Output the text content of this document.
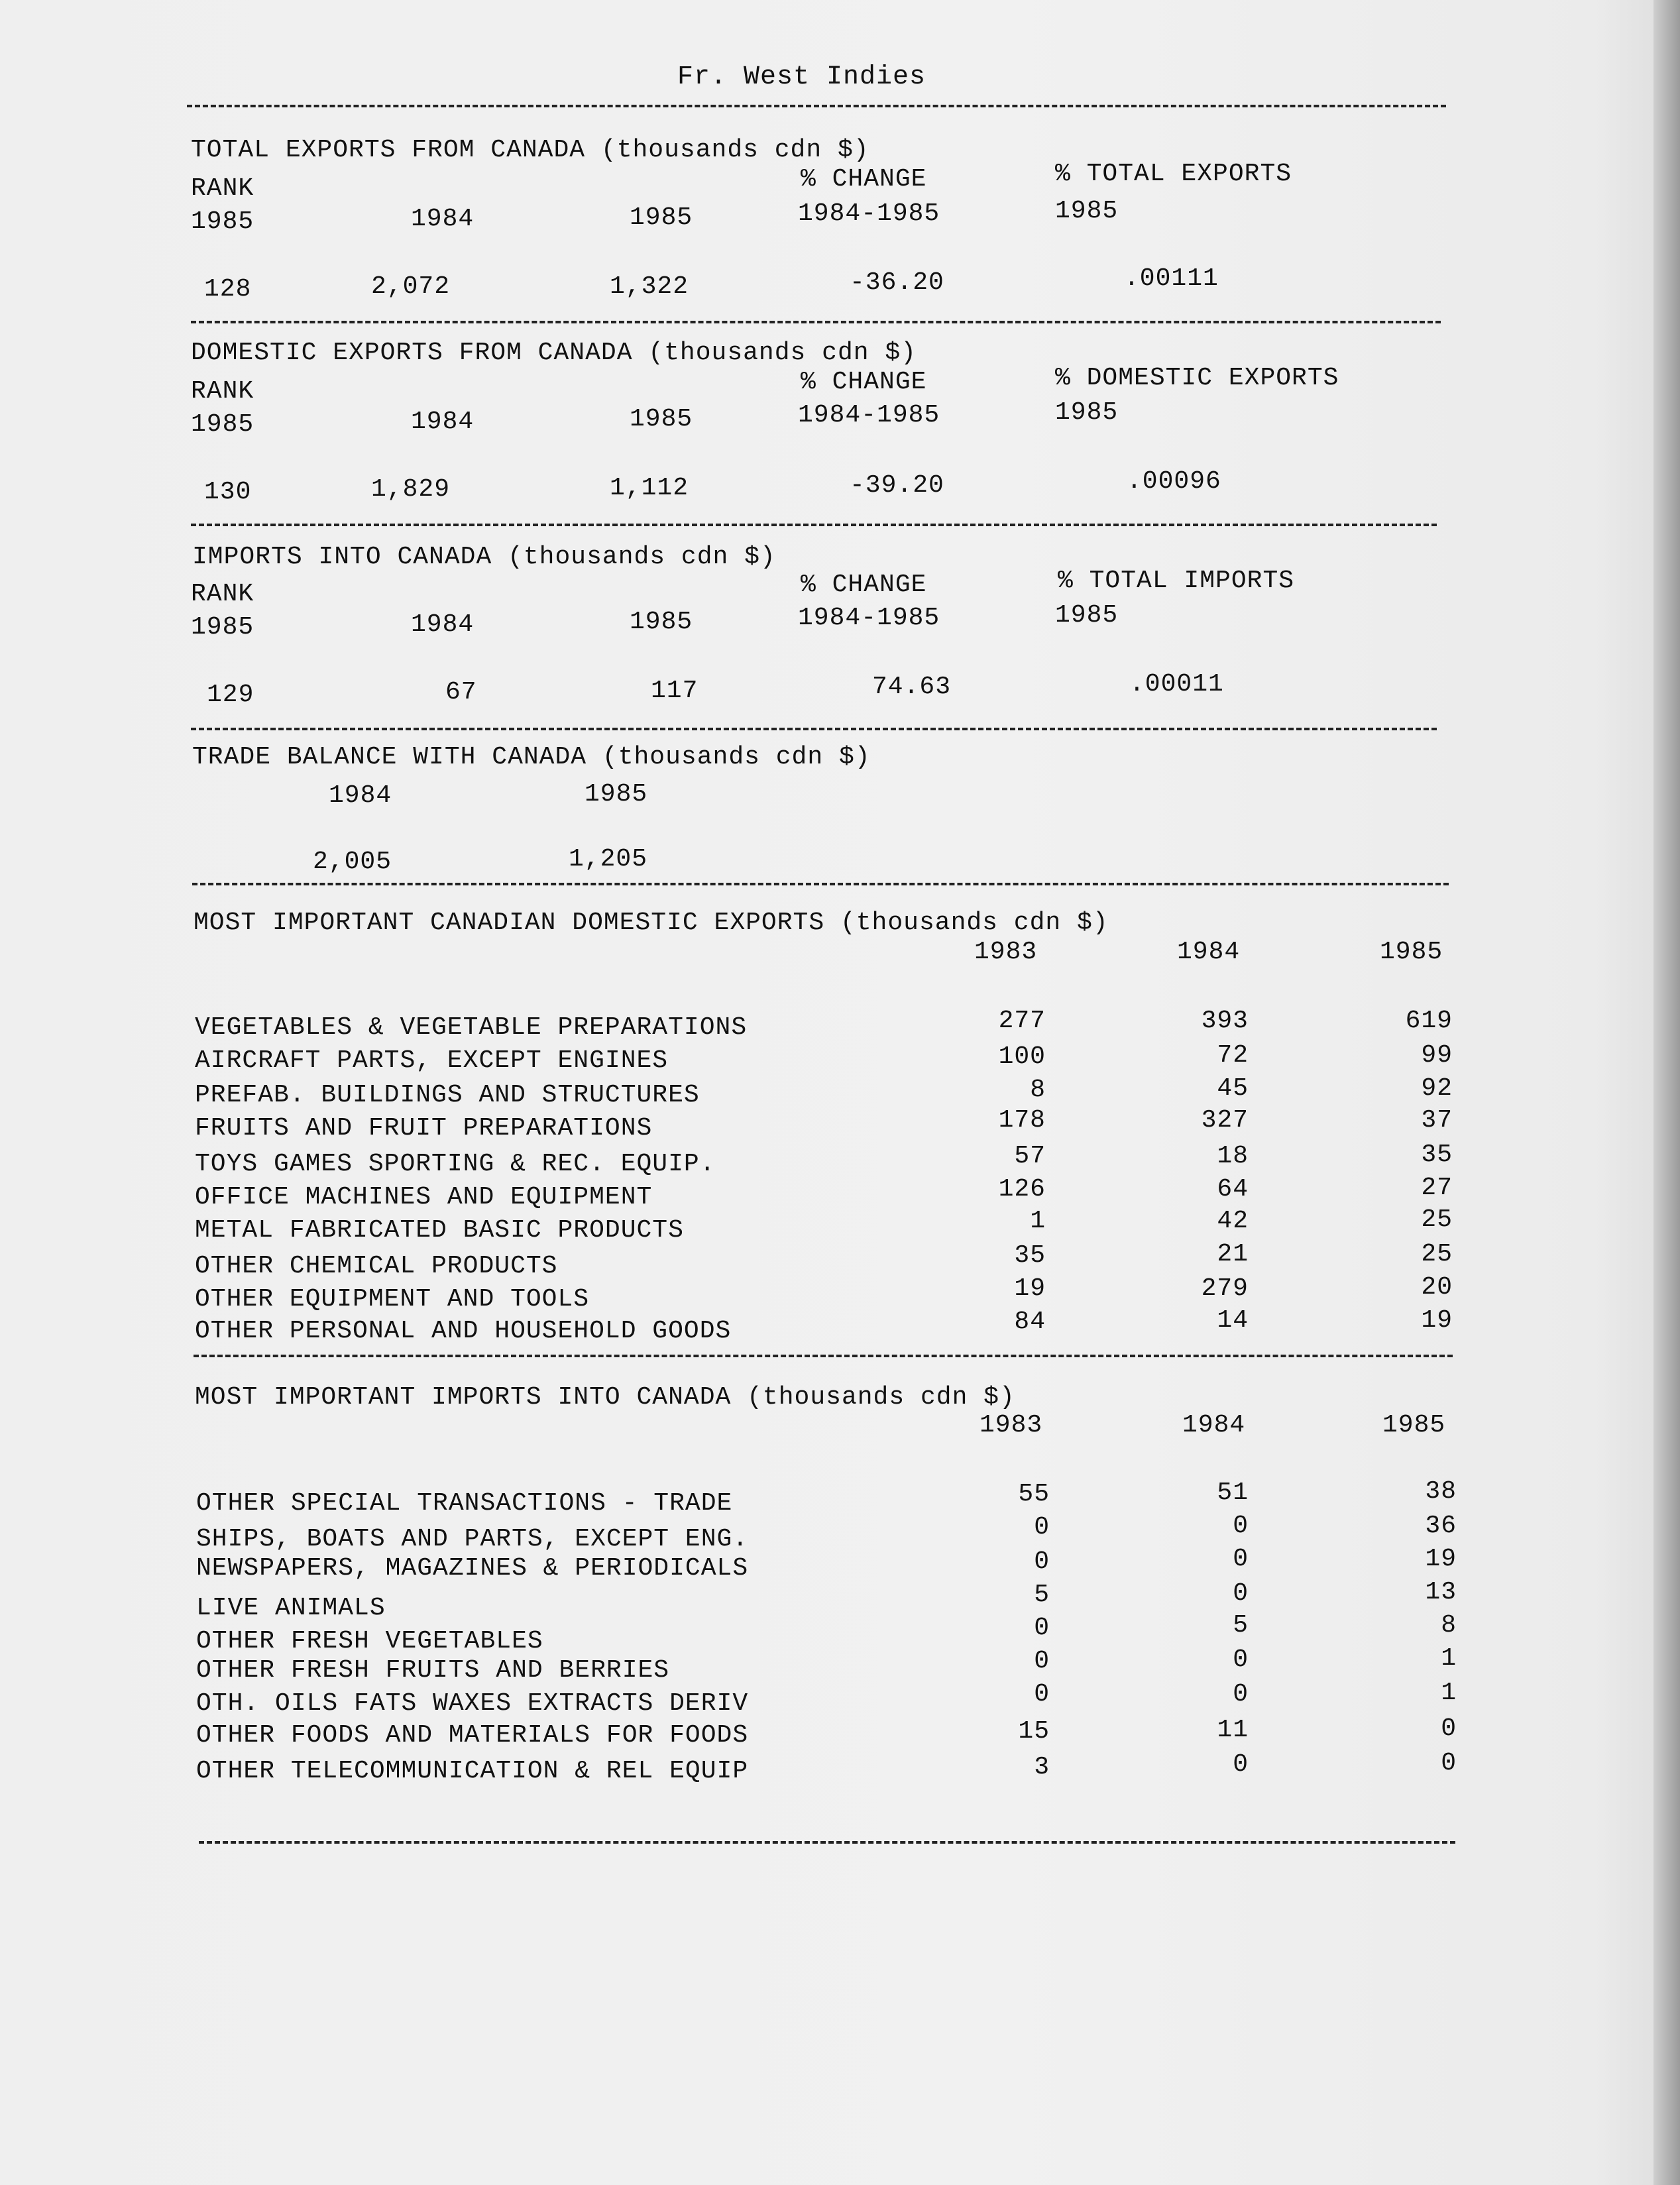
Fr. West Indies
TOTAL EXPORTS FROM CANADA (thousands cdn $)
RANK	% CHANGE	% TOTAL EXPORTS
1985	1984	1985	1984-1985	1985
128	2,072	1,322	-36.20	.00111
DOMESTIC EXPORTS FROM CANADA (thousands cdn $)
RANK	% CHANGE	% DOMESTIC EXPORTS
1985	1984	1985	1984-1985	1985
130	1,829	1,112	-39.20	.00096
IMPORTS INTO CANADA (thousands cdn $)
RANK	% CHANGE	% TOTAL IMPORTS
1985	1984	1985	1984-1985	1985
129	67	117	74.63	.00011
TRADE BALANCE WITH CANADA (thousands cdn $)
1984	1985
2,005	1,205
MOST IMPORTANT CANADIAN DOMESTIC EXPORTS (thousands cdn $)
1983	1984	1985
VEGETABLES & VEGETABLE PREPARATIONS	277	393	619
AIRCRAFT PARTS, EXCEPT ENGINES	100	72	99
PREFAB. BUILDINGS AND STRUCTURES	8	45	92
FRUITS AND FRUIT PREPARATIONS	178	327	37
TOYS GAMES SPORTING & REC. EQUIP.	57	18	35
OFFICE MACHINES AND EQUIPMENT	126	64	27
METAL FABRICATED BASIC PRODUCTS	1	42	25
OTHER CHEMICAL PRODUCTS	35	21	25
OTHER EQUIPMENT AND TOOLS	19	279	20
OTHER PERSONAL AND HOUSEHOLD GOODS	84	14	19
MOST IMPORTANT IMPORTS INTO CANADA (thousands cdn $)
1983	1984	1985
OTHER SPECIAL TRANSACTIONS - TRADE	55	51	38
SHIPS, BOATS AND PARTS, EXCEPT ENG.	0	0	36
NEWSPAPERS, MAGAZINES & PERIODICALS	0	0	19
LIVE ANIMALS	5	0	13
OTHER FRESH VEGETABLES	0	5	8
OTHER FRESH FRUITS AND BERRIES	0	0	1
OTH. OILS FATS WAXES EXTRACTS DERIV	0	0	1
OTHER FOODS AND MATERIALS FOR FOODS	15	11	0
OTHER TELECOMMUNICATION & REL EQUIP	3	0	0
